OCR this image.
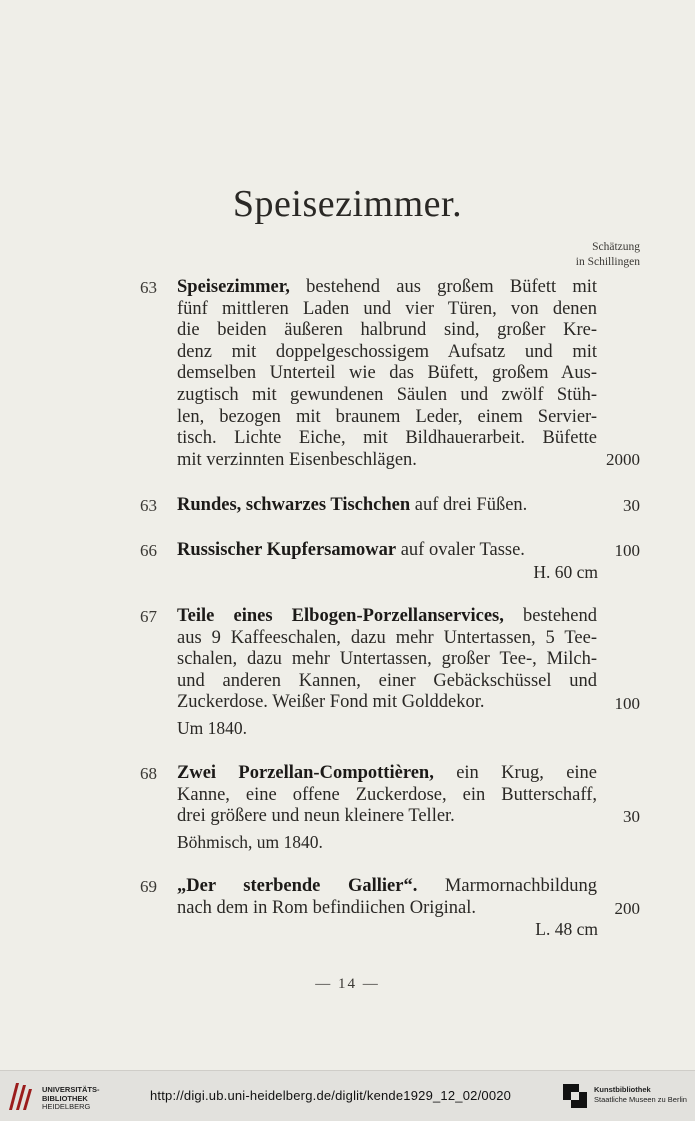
Speisezimmer.
Schätzung
in Schillingen
63	Speisezimmer, bestehend aus großem Büfett mit
fünf mittleren Laden und vier Türen, von denen
die beiden äußeren halbrund sind, großer Kre-
denz mit doppelgeschossigem Aufsatz und mit
demselben Unterteil wie das Büfett, großem Aus-
zugtisch mit gewundenen Säulen und zwölf Stüh-
len, bezogen mit braunem Leder, einem Servier-
tisch. Lichte Eiche, mit Bildhauerarbeit. Büfette
mit verzinnten Eisenbeschlägen.	2000
63	Rundes, schwarzes Tischchen auf drei Füßen.	30
66	Russischer Kupfersamowar auf ovaler Tasse.	100
H. 60 cm
67	Teile eines Elbogen-Porzellanservices, bestehend
aus 9 Kaffeeschalen, dazu mehr Untertassen, 5 Tee-
schalen, dazu mehr Untertassen, großer Tee-, Milch-
und anderen Kannen, einer Gebäckschüssel und
Zuckerdose. Weißer Fond mit Golddekor.	100
Um 1840.
68	Zwei Porzellan-Compottièren, ein Krug, eine
Kanne, eine offene Zuckerdose, ein Butterschaff,
drei größere und neun kleinere Teller.	30
Böhmisch, um 1840.
69	„Der sterbende Gallier“. Marmornachbildung
nach dem in Rom befindiichen Original.	200
L. 48 cm
— 14 —
UNIVERSITÄTS-
BIBLIOTHEK
HEIDELBERG
http://digi.ub.uni-heidelberg.de/diglit/kende1929_12_02/0020	Kunstbibliothek
Staatliche Museen zu Berlin
